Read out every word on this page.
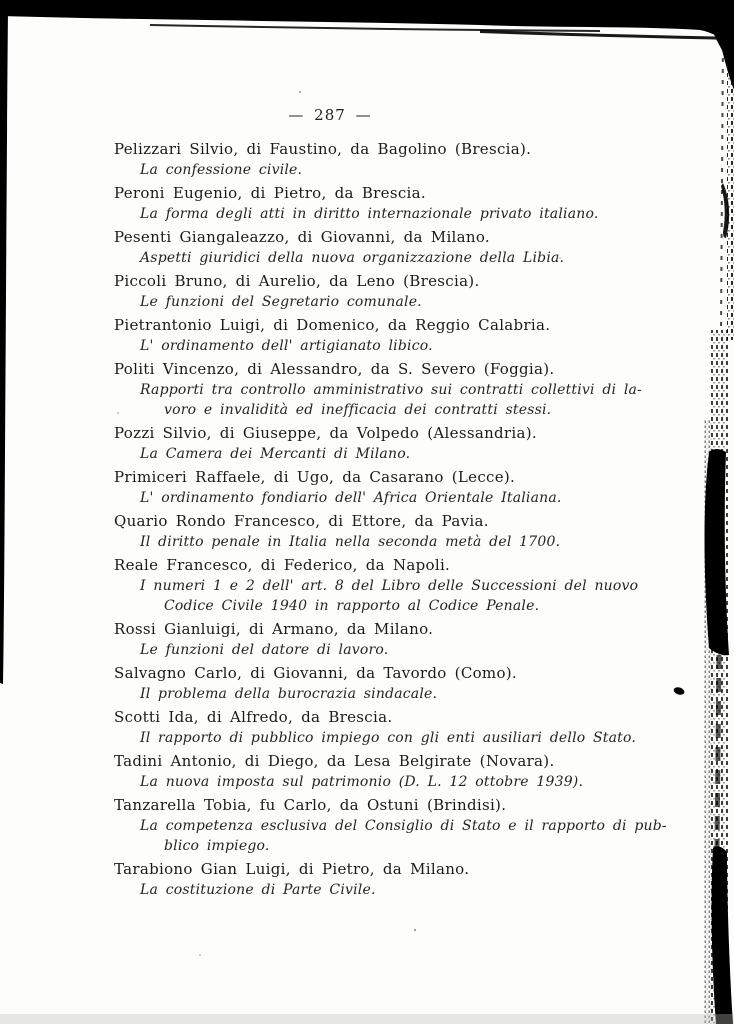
— 287 —
Pelizzari Silvio, di Faustino, da Bagolino (Brescia).
La confessione civile.
Peroni Eugenio, di Pietro, da Brescia.
La forma degli atti in diritto internazionale privato italiano.
Pesenti Giangaleazzo, di Giovanni, da Milano.
Aspetti giuridici della nuova organizzazione della Libia.
Piccoli Bruno, di Aurelio, da Leno (Brescia).
Le funzioni del Segretario comunale.
Pietrantonio Luigi, di Domenico, da Reggio Calabria.
L' ordinamento dell' artigianato libico.
Politi Vincenzo, di Alessandro, da S. Severo (Foggia).
Rapporti tra controllo amministrativo sui contratti collettivi di la-
voro e invalidità ed inefficacia dei contratti stessi.
Pozzi Silvio, di Giuseppe, da Volpedo (Alessandria).
La Camera dei Mercanti di Milano.
Primiceri Raffaele, di Ugo, da Casarano (Lecce).
L' ordinamento fondiario dell' Africa Orientale Italiana.
Quario Rondo Francesco, di Ettore, da Pavia.
Il diritto penale in Italia nella seconda metà del 1700.
Reale Francesco, di Federico, da Napoli.
I numeri 1 e 2 dell' art. 8 del Libro delle Successioni del nuovo
Codice Civile 1940 in rapporto al Codice Penale.
Rossi Gianluigi, di Armano, da Milano.
Le funzioni del datore di lavoro.
Salvagno Carlo, di Giovanni, da Tavordo (Como).
Il problema della burocrazia sindacale.
Scotti Ida, di Alfredo, da Brescia.
Il rapporto di pubblico impiego con gli enti ausiliari dello Stato.
Tadini Antonio, di Diego, da Lesa Belgirate (Novara).
La nuova imposta sul patrimonio (D. L. 12 ottobre 1939).
Tanzarella Tobia, fu Carlo, da Ostuni (Brindisi).
La competenza esclusiva del Consiglio di Stato e il rapporto di pub-
blico impiego.
Tarabiono Gian Luigi, di Pietro, da Milano.
La costituzione di Parte Civile.
